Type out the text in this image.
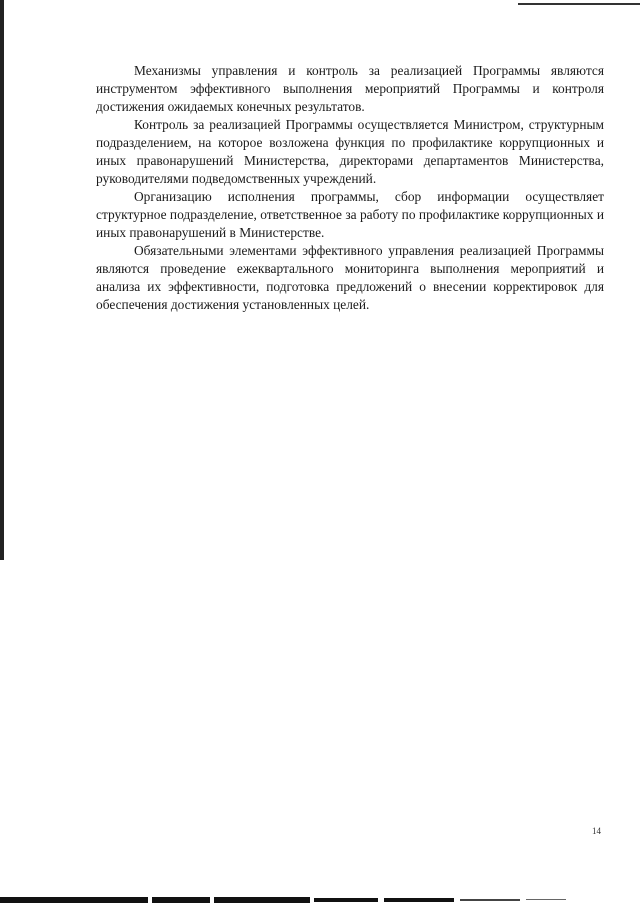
Механизмы управления и контроль за реализацией Программы являются инструментом эффективного выполнения мероприятий Программы и контроля достижения ожидаемых конечных результатов.

Контроль за реализацией Программы осуществляется Министром, структурным подразделением, на которое возложена функция по профилактике коррупционных и иных правонарушений Министерства, директорами департаментов Министерства, руководителями подведомственных учреждений.

Организацию исполнения программы, сбор информации осуществляет структурное подразделение, ответственное за работу по профилактике коррупционных и иных правонарушений в Министерстве.

Обязательными элементами эффективного управления реализацией Программы являются проведение ежеквартального мониторинга выполнения мероприятий и анализа их эффективности, подготовка предложений о внесении корректировок для обеспечения достижения установленных целей.

14
